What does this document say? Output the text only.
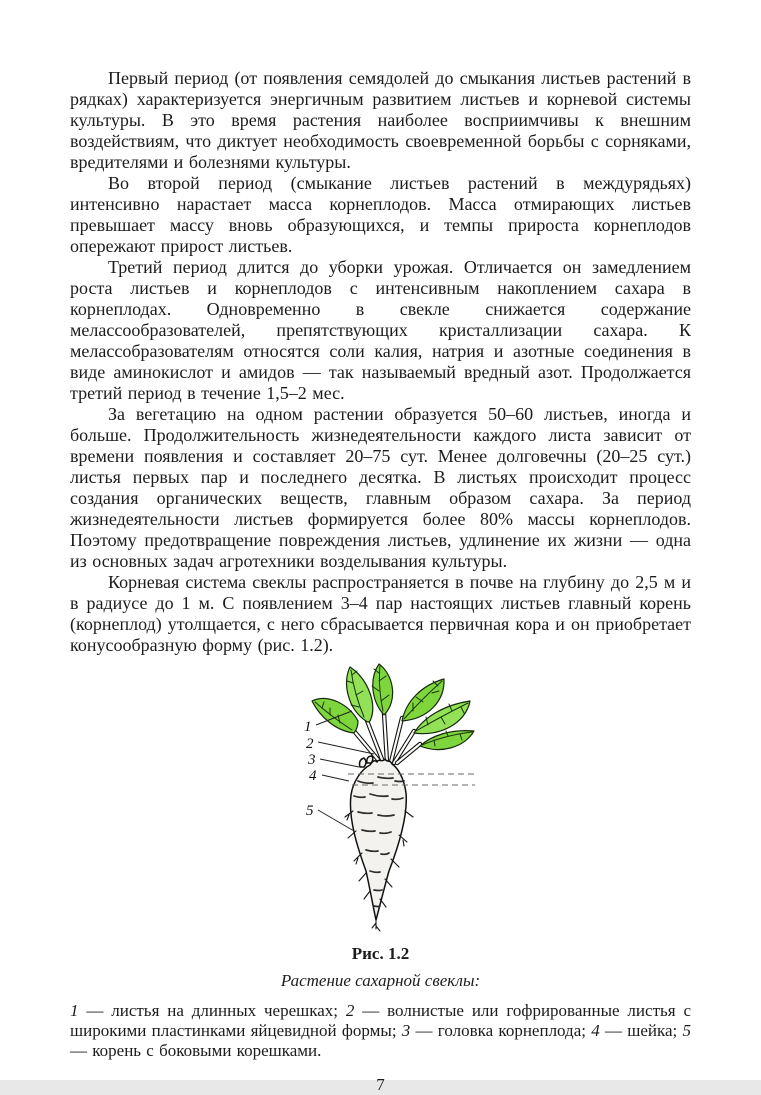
Первый период (от появления семядолей до смыкания листьев растений в рядках) характеризуется энергичным развитием листьев и корневой системы культуры. В это время растения наиболее восприимчивы к внешним воздействиям, что диктует необходимость своевременной борьбы с сорняками, вредителями и болезнями культуры.

Во второй период (смыкание листьев растений в междурядьях) интенсивно нарастает масса корнеплодов. Масса отмирающих листьев превышает массу вновь образующихся, и темпы прироста корнеплодов опережают прирост листьев.

Третий период длится до уборки урожая. Отличается он замедлением роста листьев и корнеплодов с интенсивным накоплением сахара в корнеплодах. Одновременно в свекле снижается содержание мелассообразователей, препятствующих кристаллизации сахара. К мелассобразователям относятся соли калия, натрия и азотные соединения в виде аминокислот и амидов — так называемый вредный азот. Продолжается третий период в течение 1,5–2 мес.

За вегетацию на одном растении образуется 50–60 листьев, иногда и больше. Продолжительность жизнедеятельности каждого листа зависит от времени появления и составляет 20–75 сут. Менее долговечны (20–25 сут.) листья первых пар и последнего десятка. В листьях происходит процесс создания органических веществ, главным образом сахара. За период жизнедеятельности листьев формируется более 80% массы корнеплодов. Поэтому предотвращение повреждения листьев, удлинение их жизни — одна из основных задач агротехники возделывания культуры.

Корневая система свеклы распространяется в почве на глубину до 2,5 м и в радиусе до 1 м. С появлением 3–4 пар настоящих листьев главный корень (корнеплод) утолщается, с него сбрасывается первичная кора и он приобретает конусообразную форму (рис. 1.2).

1
2
3
4
5
Рис. 1.2
Растение сахарной свеклы:

1 — листья на длинных черешках; 2 — волнистые или гофрированные листья с широкими пластинками яйцевидной формы; 3 — головка корнеплода; 4 — шейка; 5 — корень с боковыми корешками.

7
